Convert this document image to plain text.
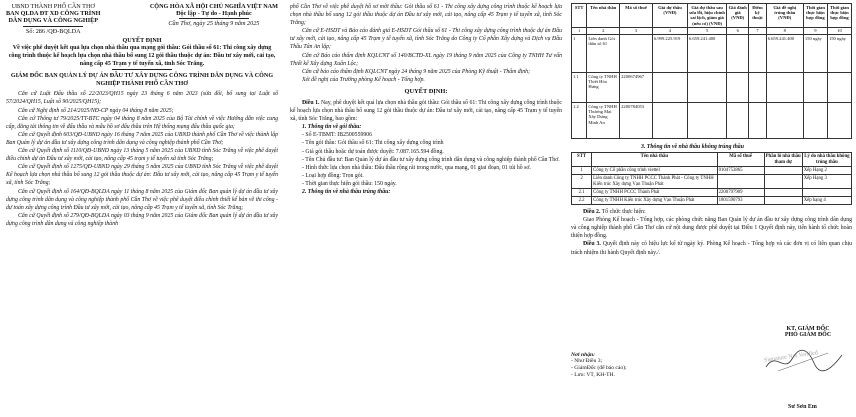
UBND THÀNH PHỐ CẦN THƠ
BAN QLDA ĐT XD CÔNG TRÌNH
DÂN DỤNG VÀ CÔNG NGHIỆP
Số: 286 /QĐ-BQLDA
CỘNG HÒA XÃ HỘI CHỦ NGHĨA VIỆT NAM
Độc lập - Tự do - Hạnh phúc
Cần Thơ, ngày 25 tháng 9 năm 2025
QUYẾT ĐỊNH
Về việc phê duyệt kết quả lựa chọn nhà thầu qua mạng gói thầu: Gói thầu số 61: Thi công xây dựng công trình thuộc kế hoạch lựa chọn nhà thầu bổ sung 12 gói thầu thuộc dự án: Đầu tư xây mới, cải tạo, nâng cấp 45 Trạm y tế tuyến xã, tỉnh Sóc Trăng.
GIÁM ĐỐC BAN QUẢN LÝ DỰ ÁN ĐẦU TƯ XÂY DỰNG CÔNG TRÌNH DÂN DỤNG VÀ CÔNG NGHIỆP THÀNH PHỐ CẦN THƠ

Căn cứ Luật Đấu thầu số 22/2023/QH15 ngày 23 tháng 6 năm 2023 (sửa đổi, bổ sung tại Luật số 57/2024/QH15, Luật số 90/2025/QH15);

Căn cứ Nghị định số 214/2025/NĐ-CP ngày 04 tháng 8 năm 2025;

Căn cứ Thông tư 79/2025/TT-BTC ngày 04 tháng 8 năm 2025 của Bộ Tài chính về việc Hướng dẫn việc cung cấp, đăng tải thông tin về đấu thầu và mẫu hồ sơ đấu thầu trên Hệ thống mạng đấu thầu quốc gia;

Căn cứ Quyết định 603/QĐ-UBND ngày 16 tháng 7 năm 2025 của UBND thành phố Cần Thơ về việc thành lập Ban Quản lý dự án đầu tư xây dựng công trình dân dụng và công nghiệp thành phố Cần Thơ;

Căn cứ Quyết định số 1110/QĐ-UBND ngày 13 tháng 5 năm 2025 của UBND tỉnh Sóc Trăng về việc phê duyệt điều chỉnh dự án Đầu tư xây mới, cải tạo, nâng cấp 45 trạm y tế tuyến xã tỉnh Sóc Trăng;

Căn cứ Quyết định số 1275/QĐ-UBND ngày 29 tháng 5 năm 2025 của UBND tỉnh Sóc Trăng về việc phê duyệt Kế hoạch lựa chọn nhà thầu bổ sung 12 gói thầu thuộc dự án: Đầu tư xây mới, cải tạo, nâng cấp 45 Trạm y tế tuyến xã, tỉnh Sóc Trăng;

Căn cứ Quyết định số 164/QĐ-BQLDA ngày 11 tháng 8 năm 2025 của Giám đốc Ban quản lý dự án đầu tư xây dựng công trình dân dụng và công nghiệp thành phố Cần Thơ về việc phê duyệt điều chỉnh thiết kế bản vẽ thi công - dự toán xây dựng công trình Đầu tư xây mới, cải tạo, nâng cấp 45 Trạm y tế tuyến xã, tỉnh Sóc Trăng;

Căn cứ Quyết định số 279/QĐ-BQLDA ngày 03 tháng 9 năm 2025 của Giám đốc Ban quản lý dự án đầu tư xây dựng công trình dân dụng và công nghiệp thành

phố Cần Thơ về việc phê duyệt hồ sơ mời thầu: Gói thầu số 61 - Thi công xây dựng công trình thuộc kế hoạch lựa chọn nhà thầu bổ sung 12 gói thầu thuộc dự án Đầu tư xây mới, cải tạo, nâng cấp 45 Trạm y tế tuyến xã, tỉnh Sóc Trăng;

Căn cứ E-HSDT và Báo cáo đánh giá E-HSDT Gói thầu số 61 - Thi công xây dựng công trình thuộc dự án Đầu tư xây mới, cải tạo, nâng cấp 45 Trạm y tế tuyến xã, tỉnh Sóc Trăng do Công ty Cổ phần Xây dựng và Dịch vụ Đầu Thầu Tân An lập;

Căn cứ Báo cáo thẩm định KQLCNT số 140/BCTĐ-XL ngày 19 tháng 9 năm 2025 của Công ty TNHH Tư vấn Thiết kế Xây dựng Xuân Lộc;

Căn cứ báo cáo thẩm định KQLCNT ngày 24 tháng 9 năm 2025 của Phòng Kỹ thuật - Thẩm định;

Xét đề nghị của Trưởng phòng Kế hoạch - Tổng hợp.

QUYẾT ĐỊNH:

Điều 1. Nay, phê duyệt kết quả lựa chọn nhà thầu gói thầu: Gói thầu số 61: Thi công xây dựng công trình thuộc kế hoạch lựa chọn nhà thầu bổ sung 12 gói thầu thuộc dự án: Đầu tư xây mới, cải tạo, nâng cấp 45 Trạm y tế tuyến xã, tỉnh Sóc Trăng, bao gồm:

1. Thông tin về gói thầu:

- Số E-TBMT: IB2500559906

- Tên gói thầu: Gói thầu số 61: Thi công xây dựng công trình

- Giá gói thầu hoặc dự toán được duyệt: 7.087.165.594 đồng.

- Tên Chủ đầu tư: Ban Quản lý dự án đầu tư xây dựng công trình dân dụng và công nghiệp thành phố Cần Thơ.

- Hình thức lựa chọn nhà thầu: Đấu thầu rộng rãi trong nước, qua mạng, 01 giai đoạn, 01 túi hồ sơ.

- Loại hợp đồng: Trọn gói.

- Thời gian thực hiện gói thầu: 150 ngày.

2. Thông tin về nhà thầu trúng thầu:

STT	Tên nhà thầu	Mã số thuế	Giá dự thầu (VNĐ)	Giá dự thầu sau sửa lỗi, hiệu chỉnh sai lệch, giảm giá (nếu có) (VNĐ)	Giá đánh giá (VNĐ)	Điểm kỹ thuật	Giá đề nghị trúng thầu (VNĐ)	Thời gian thực hiện hợp đồng	Thời gian thực hiện hợp đồng
1	2	3	4	5	6	7	8	9	10
1	Liên danh Gói thầu số 61		6.999.225.919	6.659.241.400			6.659.241.400	150 ngày	150 ngày
1.1	Công ty TNHH Thiết Hòa Hưng	2200674967							
1.2	Công ty TNHH Thương Mại Xây Dựng Minh An	2200784053							
3. Thông tin về nhà thầu không trúng thầu
STT	Tên nhà thầu	Mã số thuế	Phần lô nhà thầu tham dự	Lý do nhà thầu không trúng thầu
1	Công ty Cổ phần công trình viettel	0104753865		Xếp Hạng 2
2	Liên danh Công ty TNHH PCCC Thành Phát - Công ty TNHH Kiến trúc Xây dựng Vạn Thuận Phát			Xếp Hạng 3
2.1	Công ty TNHH PCCC Thành Phát	2200797909		
2.2	Công ty TNHH Kiến trúc Xây dựng Vạn Thuận Phát	1801590793		Xếp hạng 4

Điều 2. Tổ chức thực hiện:

Giao Phòng Kế hoạch - Tổng hợp, các phòng chức năng Ban Quản lý dự án đầu tư xây dựng công trình dân dụng và công nghiệp thành phố Cần Thơ căn cứ nội dung được phê duyệt tại Điều 1 Quyết định này, tiến hành tổ chức hoàn thiện hợp đồng.

Điều 3. Quyết định này có hiệu lực kể từ ngày ký. Phòng Kế hoạch - Tổng hợp và các đơn vị có liên quan chịu trách nhiệm thi hành Quyết định này./.

Nơi nhận:
- Như Điều 3;
- GiámĐốc (để báo cáo);
- Lưu: VT, KH-TH.
KT. GIÁM ĐỐC
PHÓ GIÁM ĐỐC
Signature Not Verified
Sư Sơn Em
